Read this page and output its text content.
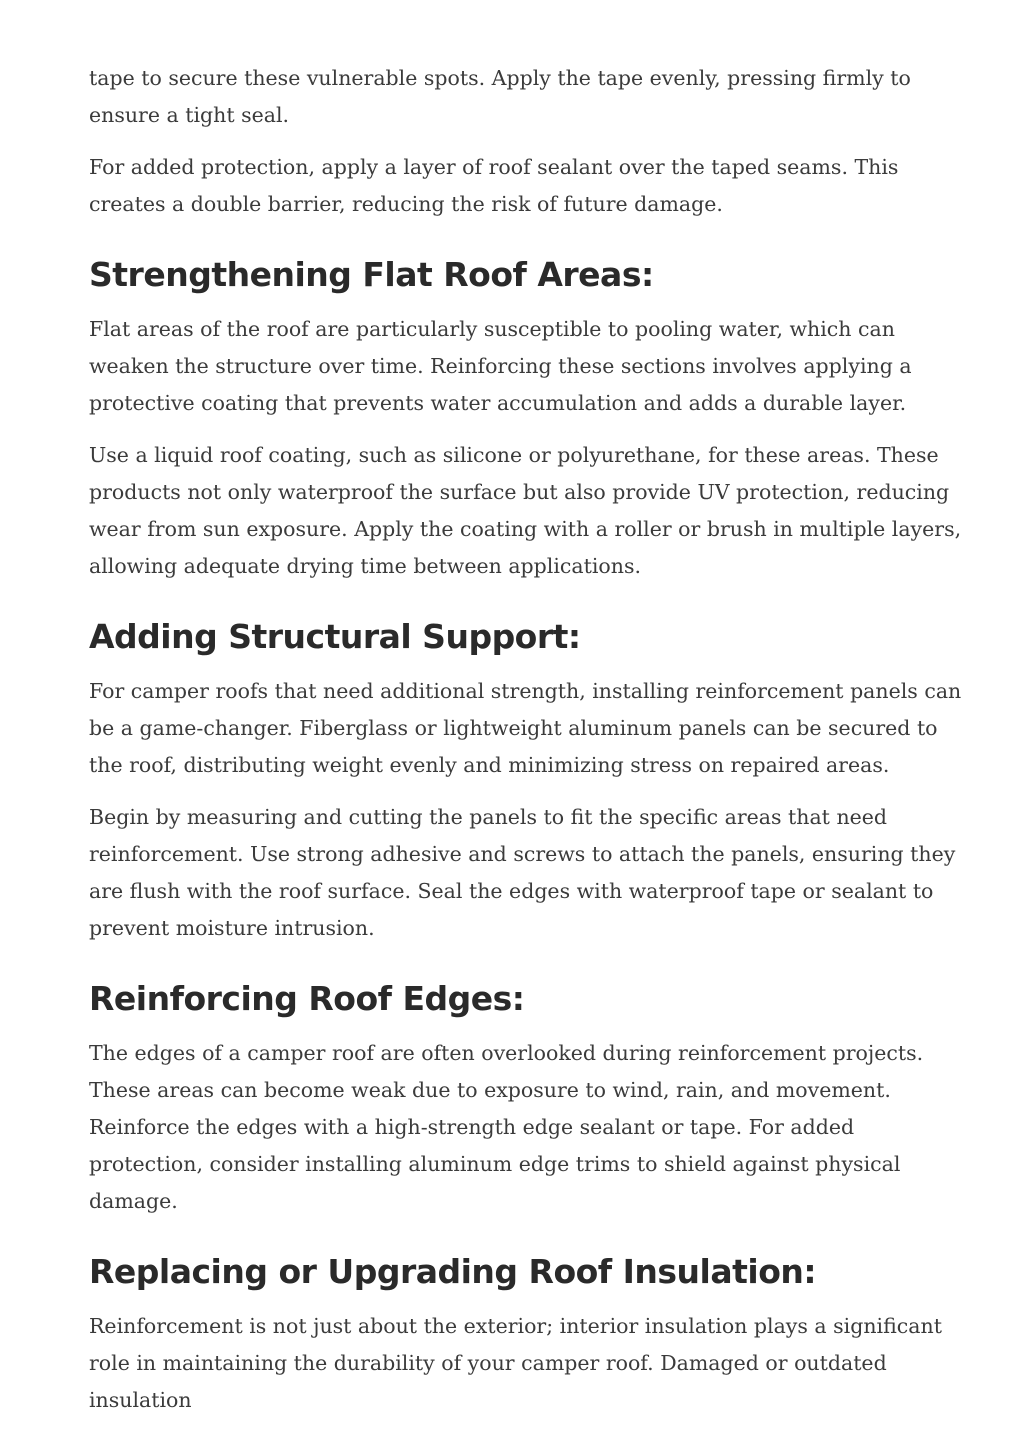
tape to secure these vulnerable spots. Apply the tape evenly, pressing firmly to ensure a tight seal.

For added protection, apply a layer of roof sealant over the taped seams. This creates a double barrier, reducing the risk of future damage.

Strengthening Flat Roof Areas:

Flat areas of the roof are particularly susceptible to pooling water, which can weaken the structure over time. Reinforcing these sections involves applying a protective coating that prevents water accumulation and adds a durable layer.

Use a liquid roof coating, such as silicone or polyurethane, for these areas. These products not only waterproof the surface but also provide UV protection, reducing wear from sun exposure. Apply the coating with a roller or brush in multiple layers, allowing adequate drying time between applications.

Adding Structural Support:

For camper roofs that need additional strength, installing reinforcement panels can be a game-changer. Fiberglass or lightweight aluminum panels can be secured to the roof, distributing weight evenly and minimizing stress on repaired areas.

Begin by measuring and cutting the panels to fit the specific areas that need reinforcement. Use strong adhesive and screws to attach the panels, ensuring they are flush with the roof surface. Seal the edges with waterproof tape or sealant to prevent moisture intrusion.

Reinforcing Roof Edges:

The edges of a camper roof are often overlooked during reinforcement projects. These areas can become weak due to exposure to wind, rain, and movement. Reinforce the edges with a high-strength edge sealant or tape. For added protection, consider installing aluminum edge trims to shield against physical damage.

Replacing or Upgrading Roof Insulation:

Reinforcement is not just about the exterior; interior insulation plays a significant role in maintaining the durability of your camper roof. Damaged or outdated insulation
